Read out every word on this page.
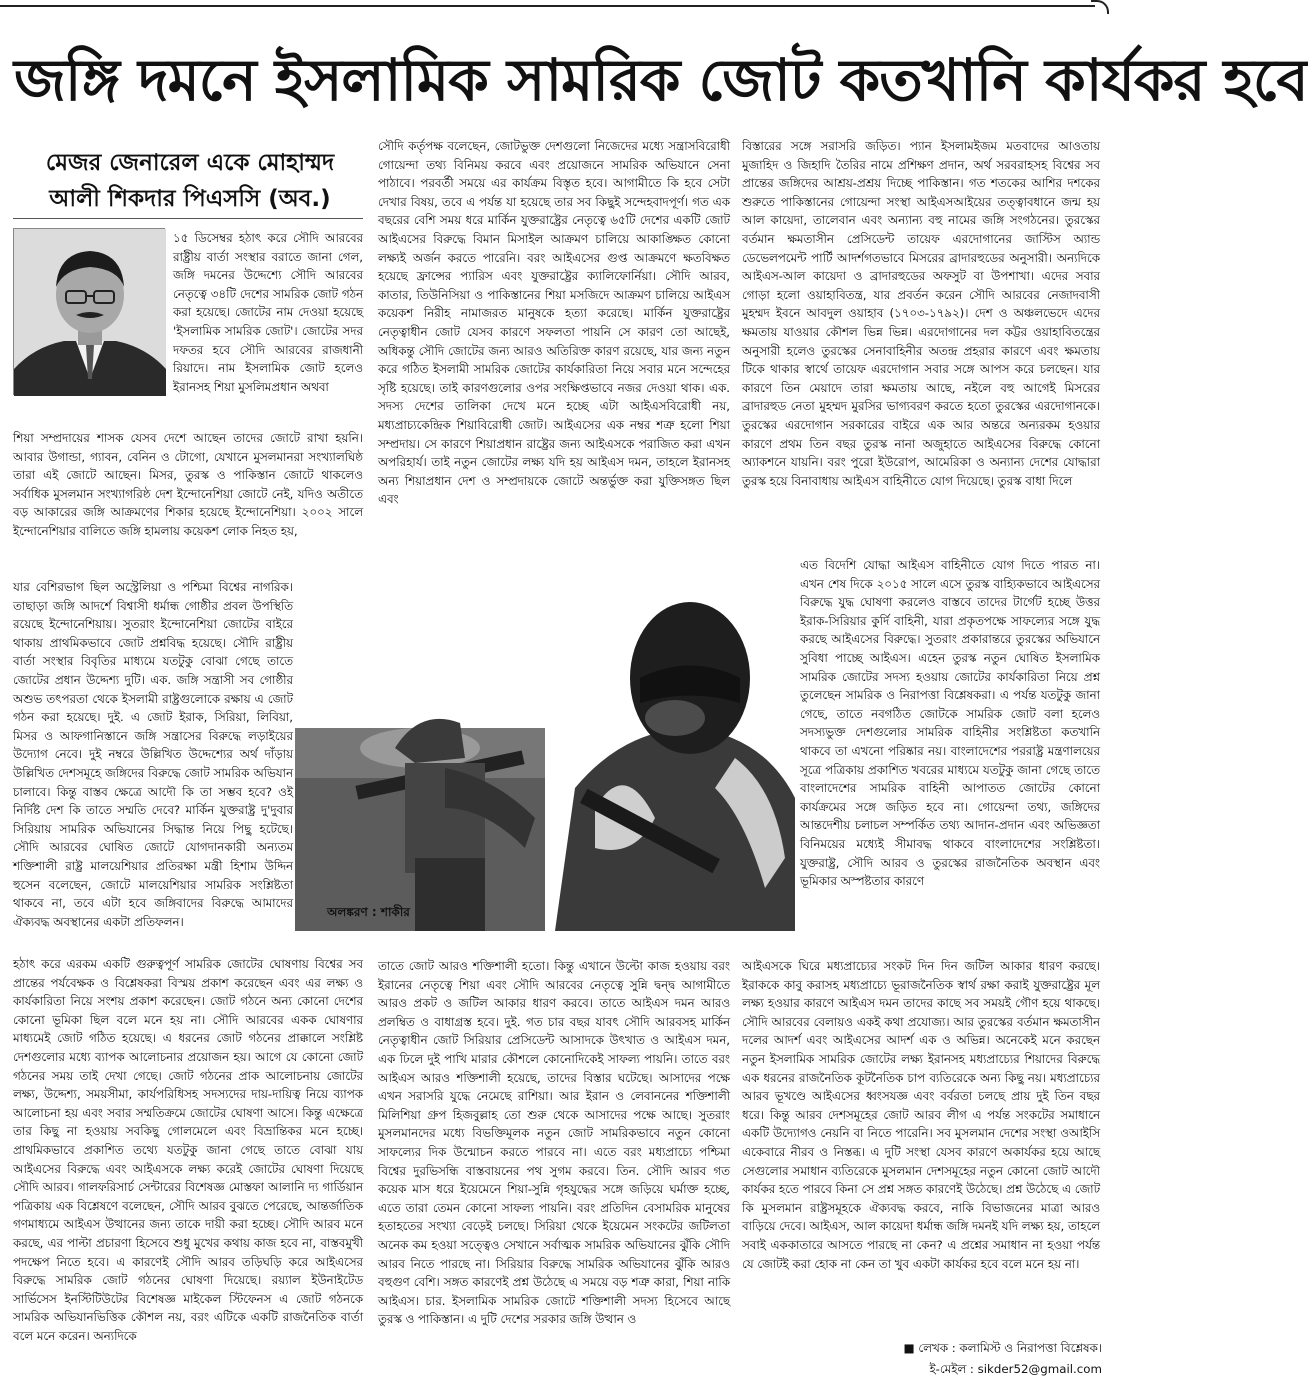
জঙ্গি দমনে ইসলামিক সামরিক জোট কতখানি কার্যকর হবে
মেজর জেনারেল একে মোহাম্মদ
আলী শিকদার পিএসসি (অব.)
অলঙ্করণ : শাকীর

১৫ ডিসেম্বর হঠাৎ করে সৌদি আরবের রাষ্ট্রীয় বার্তা সংস্থার বরাতে জানা গেল, জঙ্গি দমনের উদ্দেশ্যে সৌদি আরবের নেতৃত্বে ৩৪টি দেশের সামরিক জোট গঠন করা হয়েছে। জোটের নাম দেওয়া হয়েছে 'ইসলামিক সামরিক জোট'। জোটের সদর দফতর হবে সৌদি আরবের রাজধানী রিয়াদে। নাম ইসলামিক জোট হলেও ইরানসহ শিয়া মুসলিমপ্রধান অথবা

শিয়া সম্প্রদায়ের শাসক যেসব দেশে আছেন তাদের জোটে রাখা হয়নি। আবার উগান্ডা, গ্যাবন, বেনিন ও টোগো, যেখানে মুসলমানরা সংখ্যালঘিষ্ঠ তারা এই জোটে আছেন। মিসর, তুরস্ক ও পাকিস্তান জোটে থাকলেও সর্বাধিক মুসলমান সংখ্যাগরিষ্ঠ দেশ ইন্দোনেশিয়া জোটে নেই, যদিও অতীতে বড় আকারের জঙ্গি আক্রমণের শিকার হয়েছে ইন্দোনেশিয়া। ২০০২ সালে ইন্দোনেশিয়ার বালিতে জঙ্গি হামলায় কয়েকশ লোক নিহত হয়,

যার বেশিরভাগ ছিল অস্ট্রেলিয়া ও পশ্চিমা বিশ্বের নাগরিক। তাছাড়া জঙ্গি আদর্শে বিশ্বাসী ধর্মান্ধ গোষ্ঠীর প্রবল উপস্থিতি রয়েছে ইন্দোনেশিয়ায়। সুতরাং ইন্দোনেশিয়া জোটের বাইরে থাকায় প্রাথমিকভাবে জোট প্রশ্নবিদ্ধ হয়েছে। সৌদি রাষ্ট্রীয় বার্তা সংস্থার বিবৃতির মাধ্যমে যতটুকু বোঝা গেছে তাতে জোটের প্রধান উদ্দেশ্য দুটি। এক. জঙ্গি সন্ত্রাসী সব গোষ্ঠীর অশুভ তৎপরতা থেকে ইসলামী রাষ্ট্রগুলোকে রক্ষায় এ জোট গঠন করা হয়েছে। দুই. এ জোট ইরাক, সিরিয়া, লিবিয়া, মিসর ও আফগানিস্তানে জঙ্গি সন্ত্রাসের বিরুদ্ধে লড়াইয়ের উদ্যোগ নেবে। দুই নম্বরে উল্লিখিত উদ্দেশ্যের অর্থ দাঁড়ায় উল্লিখিত দেশসমূহে জঙ্গিদের বিরুদ্ধে জোট সামরিক অভিযান চালাবে। কিন্তু বাস্তব ক্ষেত্রে আদৌ কি তা সম্ভব হবে? ওই নির্দিষ্ট দেশ কি তাতে সম্মতি দেবে? মার্কিন যুক্তরাষ্ট্র দু'দুবার সিরিয়ায় সামরিক অভিযানের সিদ্ধান্ত নিয়ে পিছু হটেছে। সৌদি আরবের ঘোষিত জোটে যোগদানকারী অন্যতম শক্তিশালী রাষ্ট্র মালয়েশিয়ার প্রতিরক্ষা মন্ত্রী হিশাম উদ্দিন হুসেন বলেছেন, জোটে মালয়েশিয়ার সামরিক সংশ্লিষ্টতা থাকবে না, তবে এটা হবে জঙ্গিবাদের বিরুদ্ধে আমাদের ঐক্যবদ্ধ অবস্থানের একটা প্রতিফলন।

হঠাৎ করে এরকম একটি গুরুত্বপূর্ণ সামরিক জোটের ঘোষণায় বিশ্বের সব প্রান্তের পর্যবেক্ষক ও বিশ্লেষকরা বিস্ময় প্রকাশ করেছেন এবং এর লক্ষ্য ও কার্যকারিতা নিয়ে সংশয় প্রকাশ করেছেন। জোট গঠনে অন্য কোনো দেশের কোনো ভূমিকা ছিল বলে মনে হয় না। সৌদি আরবের একক ঘোষণার মাধ্যমেই জোট গঠিত হয়েছে। এ ধরনের জোট গঠনের প্রাক্কালে সংশ্লিষ্ট দেশগুলোর মধ্যে ব্যাপক আলোচনার প্রয়োজন হয়। আগে যে কোনো জোট গঠনের সময় তাই দেখা গেছে। জোট গঠনের প্রাক আলোচনায় জোটের লক্ষ্য, উদ্দেশ্য, সময়সীমা, কার্যপরিধিসহ সদস্যদের দায়-দায়িত্ব নিয়ে ব্যাপক আলোচনা হয় এবং সবার সম্মতিক্রমে জোটের ঘোষণা আসে। কিন্তু এক্ষেত্রে তার কিছু না হওয়ায় সবকিছু গোলমেলে এবং বিভ্রান্তিকর মনে হচ্ছে। প্রাথমিকভাবে প্রকাশিত তথ্যে যতটুকু জানা গেছে তাতে বোঝা যায় আইএসের বিরুদ্ধে এবং আইএসকে লক্ষ্য করেই জোটের ঘোষণা দিয়েছে সৌদি আরব। গালফরিসার্চ সেন্টারের বিশেষজ্ঞ মোস্তফা আলানি দ্য গার্ডিয়ান পত্রিকায় এক বিশ্লেষণে বলেছেন, সৌদি আরব বুঝতে পেরেছে, আন্তর্জাতিক গণমাধ্যমে আইএস উত্থানের জন্য তাকে দায়ী করা হচ্ছে। সৌদি আরব মনে করছে, এর পাল্টা প্রচারণা হিসেবে শুধু মুখের কথায় কাজ হবে না, বাস্তবমুখী পদক্ষেপ নিতে হবে। এ কারণেই সৌদি আরব তড়িঘড়ি করে আইএসের বিরুদ্ধে সামরিক জোট গঠনের ঘোষণা দিয়েছে। রয়্যাল ইউনাইটেড সার্ভিসেস ইনস্টিটিউটের বিশেষজ্ঞ মাইকেল স্টিফেনস এ জোট গঠনকে সামরিক অভিযানভিত্তিক কৌশল নয়, বরং এটিকে একটি রাজনৈতিক বার্তা বলে মনে করেন। অন্যদিকে

সৌদি কর্তৃপক্ষ বলেছেন, জোটভুক্ত দেশগুলো নিজেদের মধ্যে সন্ত্রাসবিরোধী গোয়েন্দা তথ্য বিনিময় করবে এবং প্রয়োজনে সামরিক অভিযানে সেনা পাঠাবে। পরবর্তী সময়ে এর কার্যক্রম বিস্তৃত হবে। আগামীতে কি হবে সেটা দেখার বিষয়, তবে এ পর্যন্ত যা হয়েছে তার সব কিছুই সন্দেহবাদপূর্ণ। গত এক বছরের বেশি সময় ধরে মার্কিন যুক্তরাষ্ট্রের নেতৃত্বে ৬৫টি দেশের একটি জোট আইএসের বিরুদ্ধে বিমান মিসাইল আক্রমণ চালিয়ে আকাঙ্ক্ষিত কোনো লক্ষ্যই অর্জন করতে পারেনি। বরং আইএসের গুপ্ত আক্রমণে ক্ষতবিক্ষত হয়েছে ফ্রান্সের প্যারিস এবং যুক্তরাষ্ট্রের ক্যালিফোর্নিয়া। সৌদি আরব, কাতার, তিউনিসিয়া ও পাকিস্তানের শিয়া মসজিদে আক্রমণ চালিয়ে আইএস কয়েকশ নিরীহ নামাজরত মানুষকে হত্যা করেছে। মার্কিন যুক্তরাষ্ট্রের নেতৃত্বাধীন জোট যেসব কারণে সফলতা পায়নি সে কারণ তো আছেই, অধিকন্তু সৌদি জোটের জন্য আরও অতিরিক্ত কারণ রয়েছে, যার জন্য নতুন করে গঠিত ইসলামী সামরিক জোটের কার্যকারিতা নিয়ে সবার মনে সন্দেহের সৃষ্টি হয়েছে। তাই কারণগুলোর ওপর সংক্ষিপ্তভাবে নজর দেওয়া থাক। এক. সদস্য দেশের তালিকা দেখে মনে হচ্ছে এটা আইএসবিরোধী নয়, মধ্যপ্রাচ্যকেন্দ্রিক শিয়াবিরোধী জোট। আইএসের এক নম্বর শত্রু হলো শিয়া সম্প্রদায়। সে কারণে শিয়াপ্রধান রাষ্ট্রের জন্য আইএসকে পরাজিত করা এখন অপরিহার্য। তাই নতুন জোটের লক্ষ্য যদি হয় আইএস দমন, তাহলে ইরানসহ অন্য শিয়াপ্রধান দেশ ও সম্প্রদায়কে জোটে অন্তর্ভুক্ত করা যুক্তিসঙ্গত ছিল এবং

তাতে জোট আরও শক্তিশালী হতো। কিন্তু এখানে উল্টো কাজ হওয়ায় বরং ইরানের নেতৃত্বে শিয়া এবং সৌদি আরবের নেতৃত্বে সুন্নি দ্বন্দ্ব আগামীতে আরও প্রকট ও জটিল আকার ধারণ করবে। তাতে আইএস দমন আরও প্রলম্বিত ও বাধাগ্রস্ত হবে। দুই. গত চার বছর যাবৎ সৌদি আরবসহ মার্কিন নেতৃত্বাধীন জোট সিরিয়ার প্রেসিডেন্ট আসাদকে উৎখাত ও আইএস দমন, এক ঢিলে দুই পাখি মারার কৌশলে কোনোদিকেই সাফল্য পায়নি। তাতে বরং আইএস আরও শক্তিশালী হয়েছে, তাদের বিস্তার ঘটেছে। আসাদের পক্ষে এখন সরাসরি যুদ্ধে নেমেছে রাশিয়া। আর ইরান ও লেবাননের শক্তিশালী মিলিশিয়া গ্রুপ হিজবুল্লাহ তো শুরু থেকে আসাদের পক্ষে আছে। সুতরাং মুসলমানদের মধ্যে বিভক্তিমূলক নতুন জোট সামরিকভাবে নতুন কোনো সাফল্যের দিক উন্মোচন করতে পারবে না। এতে বরং মধ্যপ্রাচ্যে পশ্চিমা বিশ্বের দুরভিসন্ধি বাস্তবায়নের পথ সুগম করবে। তিন. সৌদি আরব গত কয়েক মাস ধরে ইয়েমেনে শিয়া-সুন্নি গৃহযুদ্ধের সঙ্গে জড়িয়ে ঘর্মাক্ত হচ্ছে, এতে তারা তেমন কোনো সাফল্য পায়নি। বরং প্রতিদিন বেসামরিক মানুষের হতাহতের সংখ্যা বেড়েই চলছে। সিরিয়া থেকে ইয়েমেন সংকটের জটিলতা অনেক কম হওয়া সত্ত্বেও সেখানে সর্বাত্মক সামরিক অভিযানের ঝুঁকি সৌদি আরব নিতে পারছে না। সিরিয়ার বিরুদ্ধে সামরিক অভিযানের ঝুঁকি আরও বহুগুণ বেশি। সঙ্গত কারণেই প্রশ্ন উঠেছে এ সময়ে বড় শত্রু কারা, শিয়া নাকি আইএস। চার. ইসলামিক সামরিক জোটে শক্তিশালী সদস্য হিসেবে আছে তুরস্ক ও পাকিস্তান। এ দুটি দেশের সরকার জঙ্গি উত্থান ও

বিস্তারের সঙ্গে সরাসরি জড়িত। প্যান ইসলামইজম মতবাদের আওতায় মুজাহিদ ও জিহাদি তৈরির নামে প্রশিক্ষণ প্রদান, অর্থ সরবরাহসহ বিশ্বের সব প্রান্তের জঙ্গিদের আশ্রয়-প্রশ্রয় দিচ্ছে পাকিস্তান। গত শতকের আশির দশকের শুরুতে পাকিস্তানের গোয়েন্দা সংস্থা আইএসআইয়ের তত্ত্বাবধানে জন্ম হয় আল কায়েদা, তালেবান এবং অন্যান্য বহু নামের জঙ্গি সংগঠনের। তুরস্কের বর্তমান ক্ষমতাসীন প্রেসিডেন্ট তায়েফ এরদোগানের জাস্টিস অ্যান্ড ডেভেলপমেন্ট পার্টি আদর্শগতভাবে মিসরের ব্রাদারহুডের অনুসারী। অন্যদিকে আইএস-আল কায়েদা ও ব্রাদারহুডের অফসুট বা উপশাখা। এদের সবার গোড়া হলো ওয়াহাবিতন্ত্র, যার প্রবর্তন করেন সৌদি আরবের নেজাদবাসী মুহম্মদ ইবনে আবদুল ওয়াহাব (১৭০৩-১৭৯২)। দেশ ও অঞ্চলভেদে এদের ক্ষমতায় যাওয়ার কৌশল ভিন্ন ভিন্ন। এরদোগানের দল কট্টর ওয়াহাবিতন্ত্রের অনুসারী হলেও তুরস্কের সেনাবাহিনীর অতন্দ্র প্রহরার কারণে এবং ক্ষমতায় টিকে থাকার স্বার্থে তায়েফ এরদোগান সবার সঙ্গে আপস করে চলছেন। যার কারণে তিন মেয়াদে তারা ক্ষমতায় আছে, নইলে বহু আগেই মিসরের ব্রাদারহুড নেতা মুহম্মদ মুরসির ভাগ্যবরণ করতে হতো তুরস্কের এরদোগানকে। তুরস্কের এরদোগান সরকারের বাইরে এক আর অন্তরে অন্যরকম হওয়ার কারণে প্রথম তিন বছর তুরস্ক নানা অজুহাতে আইএসের বিরুদ্ধে কোনো অ্যাকশনে যায়নি। বরং পুরো ইউরোপ, আমেরিকা ও অন্যান্য দেশের যোদ্ধারা তুরস্ক হয়ে বিনাবাধায় আইএস বাহিনীতে যোগ দিয়েছে। তুরস্ক বাধা দিলে

এত বিদেশি যোদ্ধা আইএস বাহিনীতে যোগ দিতে পারত না। এখন শেষ দিকে ২০১৫ সালে এসে তুরস্ক বাহ্যিকভাবে আইএসের বিরুদ্ধে যুদ্ধ ঘোষণা করলেও বাস্তবে তাদের টার্গেট হচ্ছে উত্তর ইরাক-সিরিয়ার কুর্দি বাহিনী, যারা প্রকৃতপক্ষে সাফল্যের সঙ্গে যুদ্ধ করছে আইএসের বিরুদ্ধে। সুতরাং প্রকারান্তরে তুরস্কের অভিযানে সুবিধা পাচ্ছে আইএস। এহেন তুরস্ক নতুন ঘোষিত ইসলামিক সামরিক জোটের সদস্য হওয়ায় জোটের কার্যকারিতা নিয়ে প্রশ্ন তুলেছেন সামরিক ও নিরাপত্তা বিশ্লেষকরা। এ পর্যন্ত যতটুকু জানা গেছে, তাতে নবগঠিত জোটকে সামরিক জোট বলা হলেও সদস্যভুক্ত দেশগুলোর সামরিক বাহিনীর সংশ্লিষ্টতা কতখানি থাকবে তা এখনো পরিষ্কার নয়। বাংলাদেশের পররাষ্ট্র মন্ত্রণালয়ের সূত্রে পত্রিকায় প্রকাশিত খবরের মাধ্যমে যতটুকু জানা গেছে তাতে বাংলাদেশের সামরিক বাহিনী আপাতত জোটের কোনো কার্যক্রমের সঙ্গে জড়িত হবে না। গোয়েন্দা তথ্য, জঙ্গিদের আন্তদেশীয় চলাচল সম্পর্কিত তথ্য আদান-প্রদান এবং অভিজ্ঞতা বিনিময়ের মধ্যেই সীমাবদ্ধ থাকবে বাংলাদেশের সংশ্লিষ্টতা। যুক্তরাষ্ট্র, সৌদি আরব ও তুরস্কের রাজনৈতিক অবস্থান এবং ভূমিকার অস্পষ্টতার কারণে

আইএসকে ঘিরে মধ্যপ্রাচ্যের সংকট দিন দিন জটিল আকার ধারণ করছে। ইরাককে কাবু করাসহ মধ্যপ্রাচ্যে ভূরাজনৈতিক স্বার্থ রক্ষা করাই যুক্তরাষ্ট্রের মূল লক্ষ্য হওয়ার কারণে আইএস দমন তাদের কাছে সব সময়ই গৌণ হয়ে থাকছে। সৌদি আরবের বেলায়ও একই কথা প্রযোজ্য। আর তুরস্কের বর্তমান ক্ষমতাসীন দলের আদর্শ এবং আইএসের আদর্শ এক ও অভিন্ন। অনেকেই মনে করছেন নতুন ইসলামিক সামরিক জোটের লক্ষ্য ইরানসহ মধ্যপ্রাচ্যের শিয়াদের বিরুদ্ধে এক ধরনের রাজনৈতিক কূটনৈতিক চাপ ব্যতিরেকে অন্য কিছু নয়। মধ্যপ্রাচ্যের আরব ভূখণ্ডে আইএসের ধ্বংসযজ্ঞ এবং বর্বরতা চলছে প্রায় দুই তিন বছর ধরে। কিন্তু আরব দেশসমূহের জোট আরব লীগ এ পর্যন্ত সংকটের সমাধানে একটি উদ্যোগও নেয়নি বা নিতে পারেনি। সব মুসলমান দেশের সংস্থা ওআইসি একেবারে নীরব ও নিস্তব্ধ। এ দুটি সংস্থা যেসব কারণে অকার্যকর হয়ে আছে সেগুলোর সমাধান ব্যতিরেকে মুসলমান দেশসমূহের নতুন কোনো জোট আদৌ কার্যকর হতে পারবে কিনা সে প্রশ্ন সঙ্গত কারণেই উঠেছে। প্রশ্ন উঠেছে এ জোট কি মুসলমান রাষ্ট্রসমূহকে ঐক্যবদ্ধ করবে, নাকি বিভাজনের মাত্রা আরও বাড়িয়ে দেবে। আইএস, আল কায়েদা ধর্মান্ধ জঙ্গি দমনই যদি লক্ষ্য হয়, তাহলে সবাই এককাতারে আসতে পারছে না কেন? এ প্রশ্নের সমাধান না হওয়া পর্যন্ত যে জোটই করা হোক না কেন তা খুব একটা কার্যকর হবে বলে মনে হয় না।

■ লেখক : কলামিস্ট ও নিরাপত্তা বিশ্লেষক।
ই-মেইল : sikder52@gmail.com
